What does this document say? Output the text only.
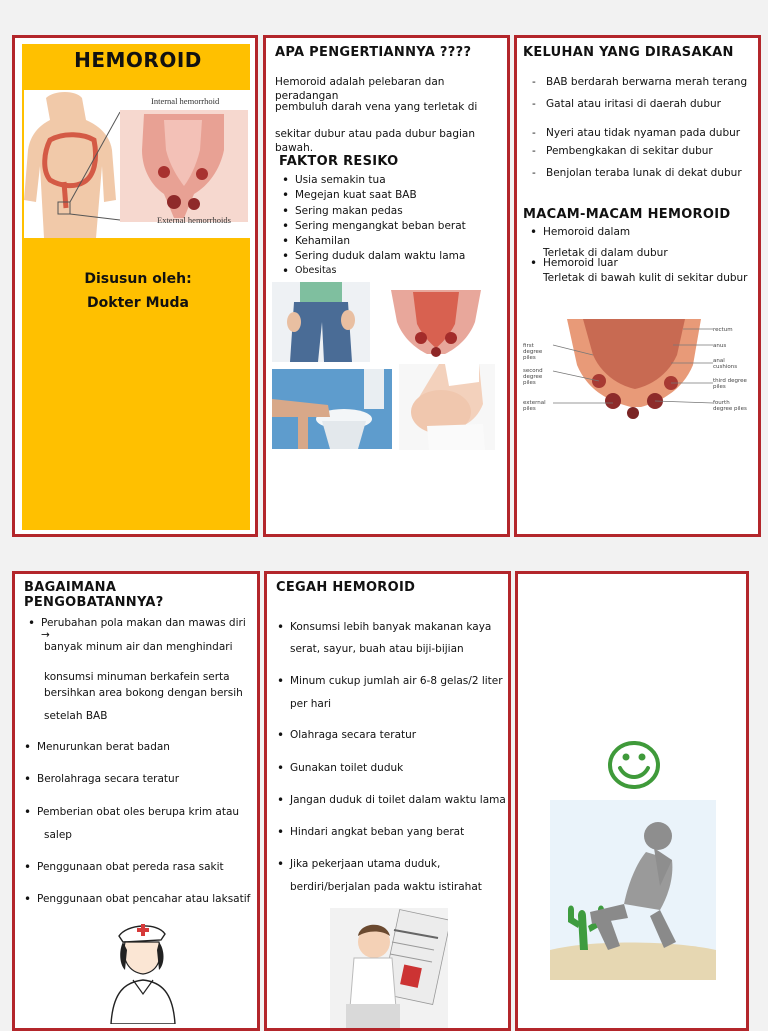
HEMOROID
Internal hemorrhoid
External hemorrhoids
Disusun oleh:
Dokter Muda
APA PENGERTIANNYA ????
Hemoroid adalah pelebaran dan peradangan
pembuluh darah vena yang terletak di
sekitar dubur atau pada dubur bagian bawah.
FAKTOR RESIKO
• Usia semakin tua
• Megejan kuat saat BAB
• Sering makan pedas
• Sering mengangkat beban berat
• Kehamilan
• Sering duduk dalam waktu lama
• Obesitas
KELUHAN YANG DIRASAKAN
- BAB berdarah berwarna merah terang
- Gatal atau iritasi di daerah dubur
- Nyeri atau tidak nyaman pada dubur
- Pembengkakan di sekitar dubur
- Benjolan teraba lunak di dekat dubur
MACAM-MACAM HEMOROID
• Hemoroid dalam
Terletak di dalam dubur
• Hemoroid luar
Terletak di bawah kulit di sekitar dubur
first degree piles
second degree piles
external piles
rectum
anus
anal cushions
third degree piles
fourth degree piles
BAGAIMANA PENGOBATANNYA?
• Perubahan pola makan dan mawas diri →
banyak minum air dan menghindari
konsumsi minuman berkafein serta
bersihkan area bokong dengan bersih
setelah BAB
• Menurunkan berat badan
• Berolahraga secara teratur
• Pemberian obat oles berupa krim atau
salep
• Penggunaan obat pereda rasa sakit
• Penggunaan obat pencahar atau laksatif
CEGAH HEMOROID
• Konsumsi lebih banyak makanan kaya
serat, sayur, buah atau biji-bijian
• Minum cukup jumlah air 6-8 gelas/2 liter
per hari
• Olahraga secara teratur
• Gunakan toilet duduk
• Jangan duduk di toilet dalam waktu lama
• Hindari angkat beban yang berat
• Jika pekerjaan utama duduk,
berdiri/berjalan pada waktu istirahat
